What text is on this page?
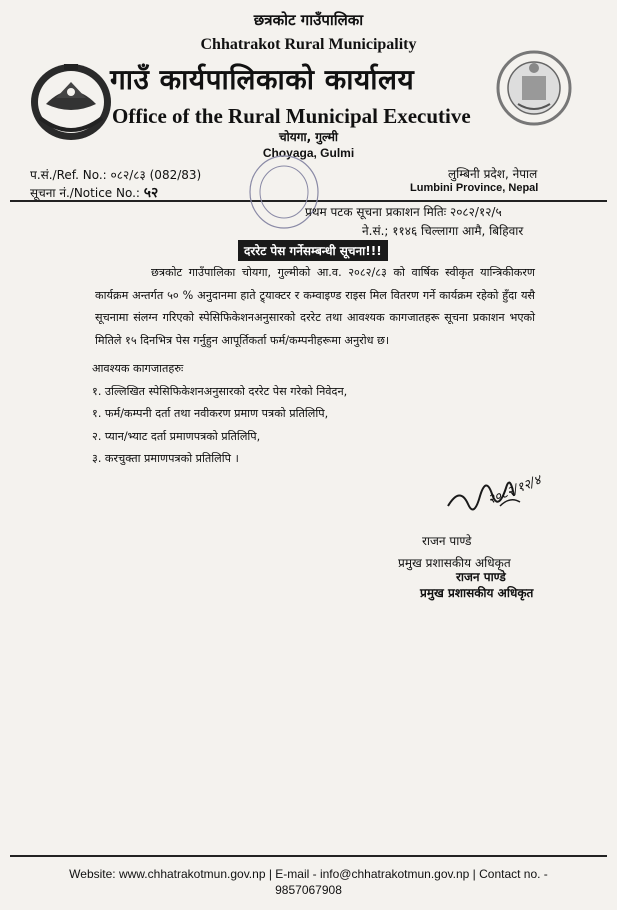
छत्रकोट गाउँपालिका
Chhatrakot Rural Municipality
गाउँ कार्यपालिकाको कार्यालय
Office of the Rural Municipal Executive
चोयगा, गुल्मी
Choyaga, Gulmi
प.सं./Ref. No.: ०८२/८३ (082/83)
सूचना नं./Notice No.: ५२
लुम्बिनी प्रदेश, नेपाल
Lumbini Province, Nepal
प्रथम पटक सूचना प्रकाशन मितिः २०८२/१२/५
ने.सं.; ११४६ चिल्लागा आमै, बिहिवार
दररेट पेस गर्नेसम्बन्धी सूचना!!!

छत्रकोट गाउँपालिका चोयगा, गुल्मीको आ.व. २०८२/८३ को वार्षिक स्वीकृत यान्त्रिकीकरण कार्यक्रम अन्तर्गत ५० % अनुदानमा हाते ट्र्याक्टर र कम्वाइण्ड राइस मिल वितरण गर्ने कार्यक्रम रहेको हुँदा यसै सूचनामा संलग्न गरिएको स्पेसिफिकेशनअनुसारको दररेट तथा आवश्यक कागजातहरू सूचना प्रकाशन भएको मितिले १५ दिनभित्र पेस गर्नुहुन आपूर्तिकर्ता फर्म/कम्पनीहरूमा अनुरोध छ।

आवश्यक कागजातहरुः
१. उल्लिखित स्पेसिफिकेशनअनुसारको दररेट पेस गरेको निवेदन,
१. फर्म/कम्पनी दर्ता तथा नवीकरण प्रमाण पत्रको प्रतिलिपि,
२. प्यान/भ्याट दर्ता प्रमाणपत्रको प्रतिलिपि,
३. करचुक्ता प्रमाणपत्रको प्रतिलिपि ।
२०८२/१२/४
राजन पाण्डे
प्रमुख प्रशासकीय अधिकृत
राजन पाण्डे
प्रमुख प्रशासकीय अधिकृत
Website: www.chhatrakotmun.gov.np | E-mail - info@chhatrakotmun.gov.np | Contact no. -
9857067908
